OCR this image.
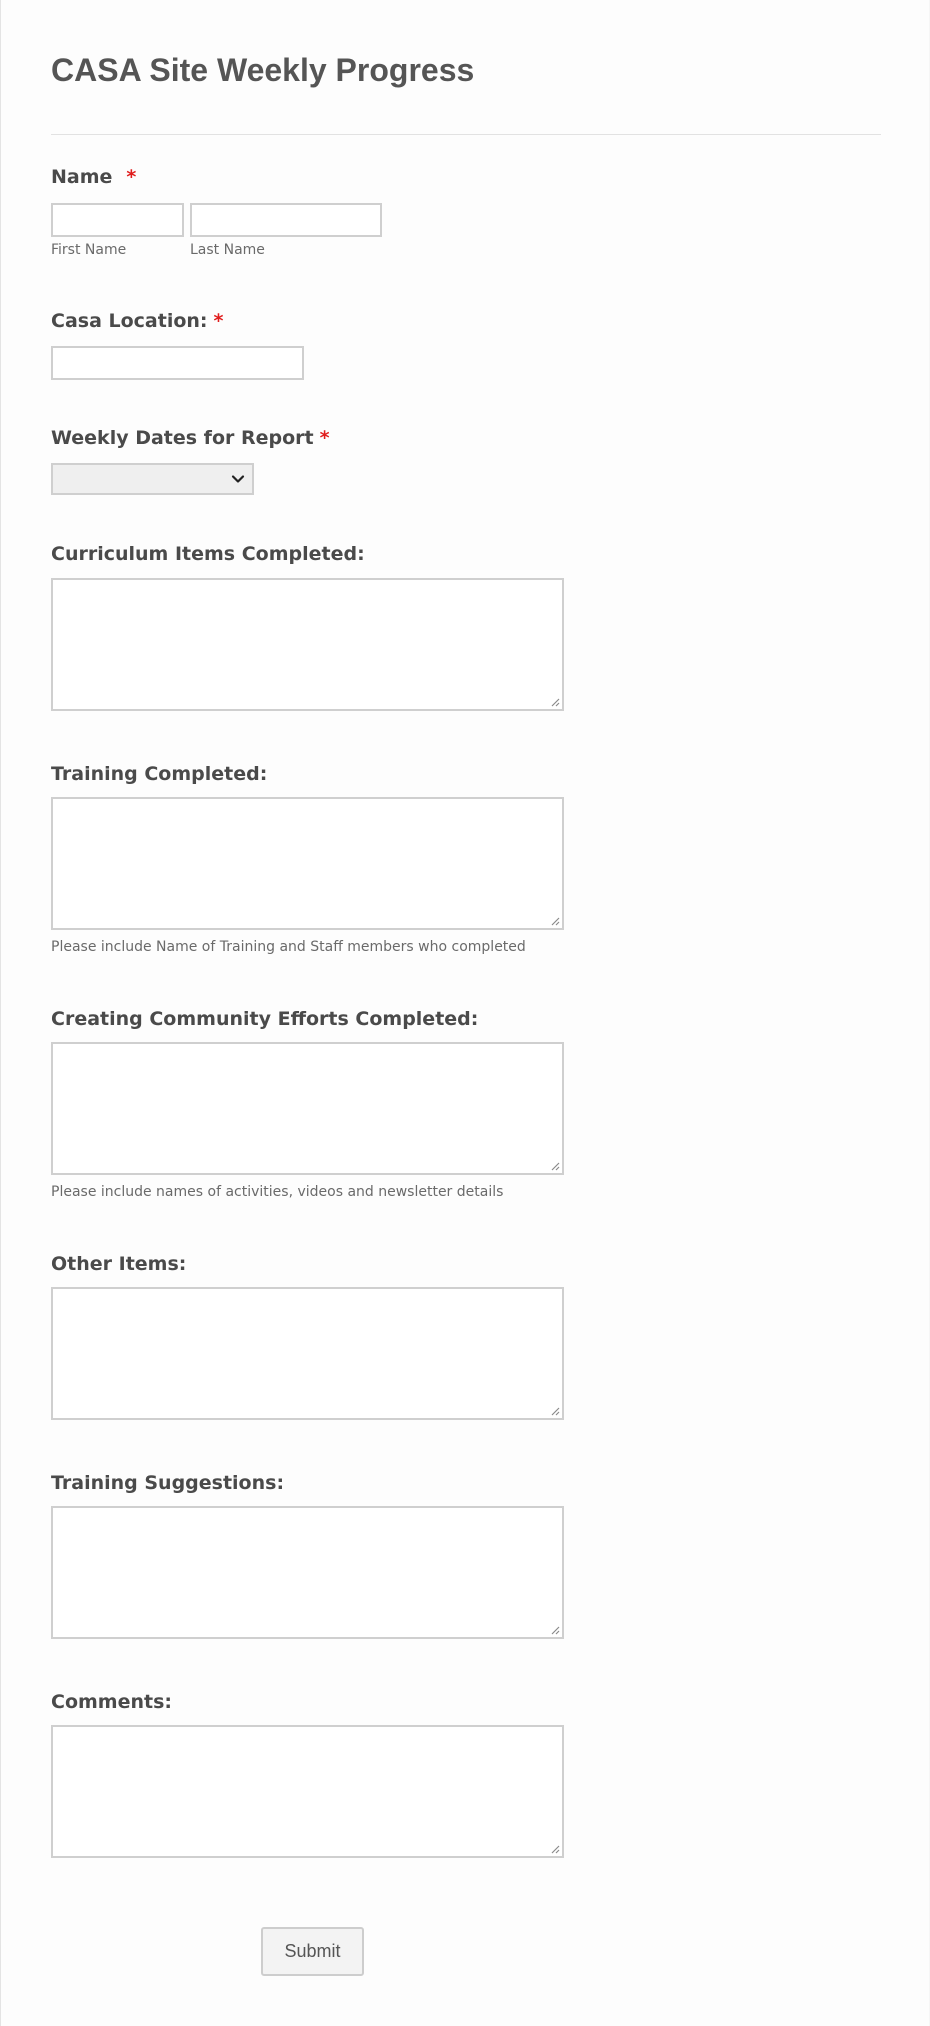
CASA Site Weekly Progress
Name *
First Name	Last Name
Casa Location: *
Weekly Dates for Report *
Curriculum Items Completed:
Training Completed:
Please include Name of Training and Staff members who completed
Creating Community Efforts Completed:
Please include names of activities, videos and newsletter details
Other Items:
Training Suggestions:
Comments:
Submit
